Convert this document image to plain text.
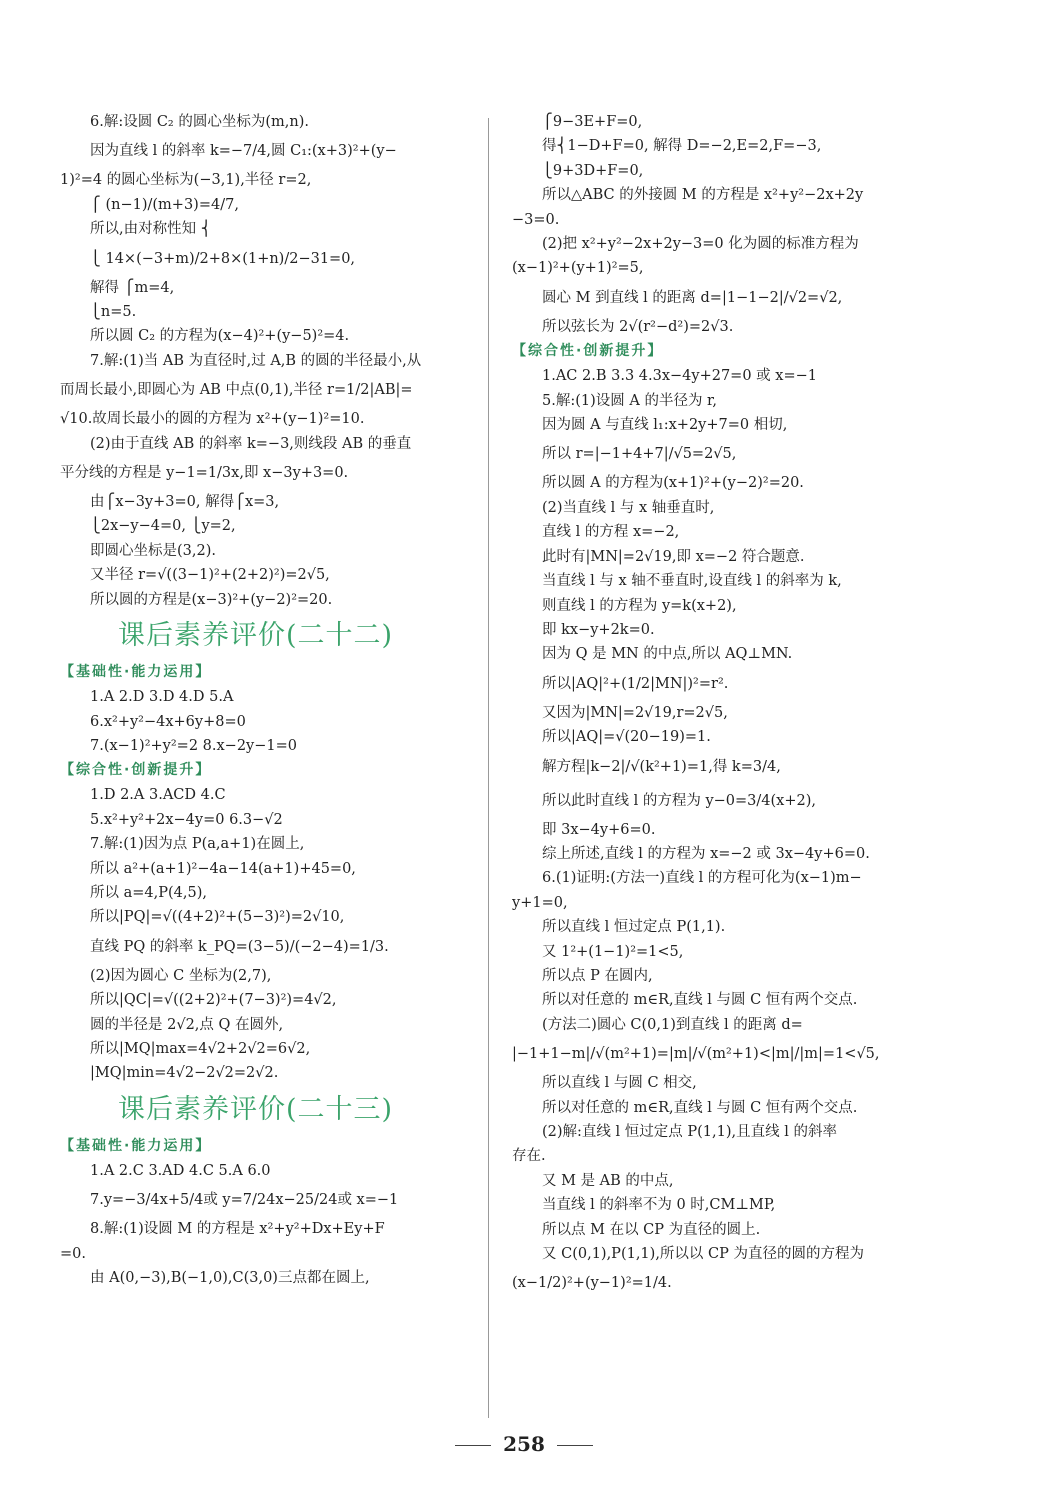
6.解:设圆 C₂ 的圆心坐标为(m,n).
因为直线 l 的斜率 k=−7/4,圆 C₁:(x+3)²+(y−
1)²=4 的圆心坐标为(−3,1),半径 r=2,
⎧ (n−1)/(m+3)=4/7,
所以,由对称性知 ⎨
⎩ 14×(−3+m)/2+8×(1+n)/2−31=0,
解得 ⎧m=4,
⎩n=5.
所以圆 C₂ 的方程为(x−4)²+(y−5)²=4.
7.解:(1)当 AB 为直径时,过 A,B 的圆的半径最小,从
而周长最小,即圆心为 AB 中点(0,1),半径 r=1/2|AB|=
√10.故周长最小的圆的方程为 x²+(y−1)²=10.
(2)由于直线 AB 的斜率 k=−3,则线段 AB 的垂直
平分线的方程是 y−1=1/3x,即 x−3y+3=0.
由⎧x−3y+3=0, 解得⎧x=3,
⎩2x−y−4=0, ⎩y=2,
即圆心坐标是(3,2).
又半径 r=√((3−1)²+(2+2)²)=2√5,
所以圆的方程是(x−3)²+(y−2)²=20.
课后素养评价(二十二)
【 基础性·能力运用 】
1.A 2.D 3.D 4.D 5.A
6.x²+y²−4x+6y+8=0
7.(x−1)²+y²=2 8.x−2y−1=0
【 综合性·创新提升 】
1.D 2.A 3.ACD 4.C
5.x²+y²+2x−4y=0 6.3−√2
7.解:(1)因为点 P(a,a+1)在圆上,
所以 a²+(a+1)²−4a−14(a+1)+45=0,
所以 a=4,P(4,5),
所以|PQ|=√((4+2)²+(5−3)²)=2√10,
直线 PQ 的斜率 k_PQ=(3−5)/(−2−4)=1/3.
(2)因为圆心 C 坐标为(2,7),
所以|QC|=√((2+2)²+(7−3)²)=4√2,
圆的半径是 2√2,点 Q 在圆外,
所以|MQ|max=4√2+2√2=6√2,
|MQ|min=4√2−2√2=2√2.
课后素养评价(二十三)
【 基础性·能力运用 】
1.A 2.C 3.AD 4.C 5.A 6.0
7.y=−3/4x+5/4或 y=7/24x−25/24或 x=−1
8.解:(1)设圆 M 的方程是 x²+y²+Dx+Ey+F
=0.
由 A(0,−3),B(−1,0),C(3,0)三点都在圆上,
⎧9−3E+F=0,
得⎨1−D+F=0, 解得 D=−2,E=2,F=−3,
⎩9+3D+F=0,
所以△ABC 的外接圆 M 的方程是 x²+y²−2x+2y
−3=0.
(2)把 x²+y²−2x+2y−3=0 化为圆的标准方程为
(x−1)²+(y+1)²=5,
圆心 M 到直线 l 的距离 d=|1−1−2|/√2=√2,
所以弦长为 2√(r²−d²)=2√3.
【 综合性·创新提升 】
1.AC 2.B 3.3 4.3x−4y+27=0 或 x=−1
5.解:(1)设圆 A 的半径为 r,
因为圆 A 与直线 l₁:x+2y+7=0 相切,
所以 r=|−1+4+7|/√5=2√5,
所以圆 A 的方程为(x+1)²+(y−2)²=20.
(2)当直线 l 与 x 轴垂直时,
直线 l 的方程 x=−2,
此时有|MN|=2√19,即 x=−2 符合题意.
当直线 l 与 x 轴不垂直时,设直线 l 的斜率为 k,
则直线 l 的方程为 y=k(x+2),
即 kx−y+2k=0.
因为 Q 是 MN 的中点,所以 AQ⊥MN.
所以|AQ|²+(1/2|MN|)²=r².
又因为|MN|=2√19,r=2√5,
所以|AQ|=√(20−19)=1.
解方程|k−2|/√(k²+1)=1,得 k=3/4,
所以此时直线 l 的方程为 y−0=3/4(x+2),
即 3x−4y+6=0.
综上所述,直线 l 的方程为 x=−2 或 3x−4y+6=0.
6.(1)证明:(方法一)直线 l 的方程可化为(x−1)m−
y+1=0,
所以直线 l 恒过定点 P(1,1).
又 1²+(1−1)²=1<5,
所以点 P 在圆内,
所以对任意的 m∈R,直线 l 与圆 C 恒有两个交点.
(方法二)圆心 C(0,1)到直线 l 的距离 d=
|−1+1−m|/√(m²+1)=|m|/√(m²+1)<|m|/|m|=1<√5,
所以直线 l 与圆 C 相交,
所以对任意的 m∈R,直线 l 与圆 C 恒有两个交点.
(2)解:直线 l 恒过定点 P(1,1),且直线 l 的斜率
存在.
又 M 是 AB 的中点,
当直线 l 的斜率不为 0 时,CM⊥MP,
所以点 M 在以 CP 为直径的圆上.
又 C(0,1),P(1,1),所以以 CP 为直径的圆的方程为
(x−1/2)²+(y−1)²=1/4.
258
